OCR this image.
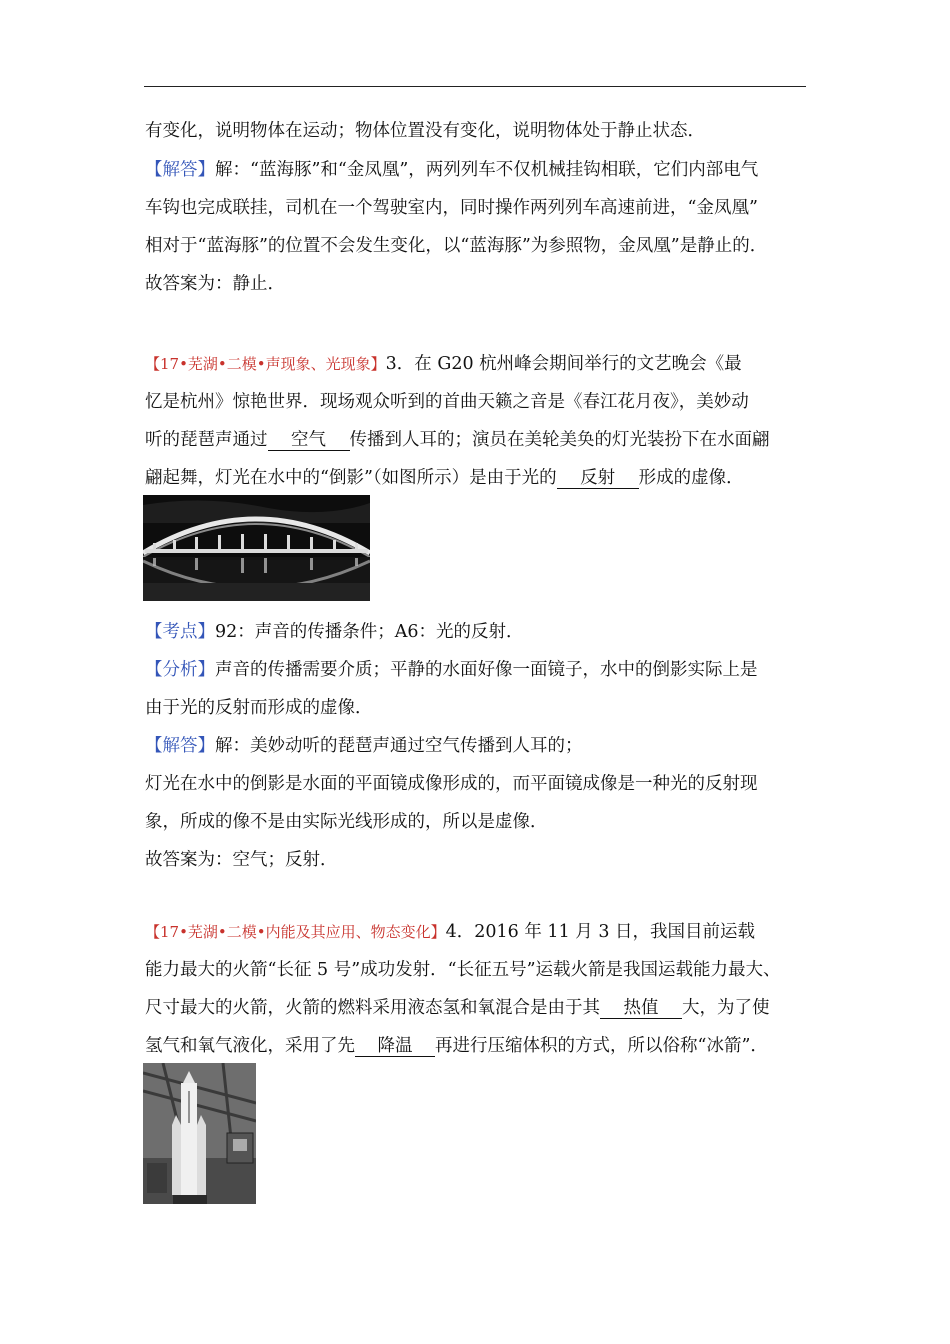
有变化，说明物体在运动；物体位置没有变化，说明物体处于静止状态．
【解答】解：“蓝海豚”和“金凤凰”，两列列车不仅机械挂钩相联，它们内部电气
车钩也完成联挂，司机在一个驾驶室内，同时操作两列列车高速前进，“金凤凰”
相对于“蓝海豚”的位置不会发生变化，以“蓝海豚”为参照物，金凤凰”是静止的．
故答案为：静止．
【17•芜湖•二模•声现象、光现象】3．在 G20 杭州峰会期间举行的文艺晚会《最
忆是杭州》惊艳世界．现场观众听到的首曲天籁之音是《春江花月夜》，美妙动
听的琵琶声通过 空气 传播到人耳的；演员在美轮美奂的灯光装扮下在水面翩
翩起舞，灯光在水中的“倒影”（如图所示）是由于光的 反射 形成的虚像．
【考点】92：声音的传播条件；A6：光的反射．
【分析】声音的传播需要介质；平静的水面好像一面镜子，水中的倒影实际上是
由于光的反射而形成的虚像．
【解答】解：美妙动听的琵琶声通过空气传播到人耳的；
灯光在水中的倒影是水面的平面镜成像形成的，而平面镜成像是一种光的反射现
象，所成的像不是由实际光线形成的，所以是虚像．
故答案为：空气；反射．
【17•芜湖•二模•内能及其应用、物态变化】4．2016 年 11 月 3 日，我国目前运载
能力最大的火箭“长征 5 号”成功发射．“长征五号”运载火箭是我国运载能力最大、
尺寸最大的火箭，火箭的燃料采用液态氢和氧混合是由于其 热值 大，为了使
氢气和氧气液化，采用了先 降温 再进行压缩体积的方式，所以俗称“冰箭”．
